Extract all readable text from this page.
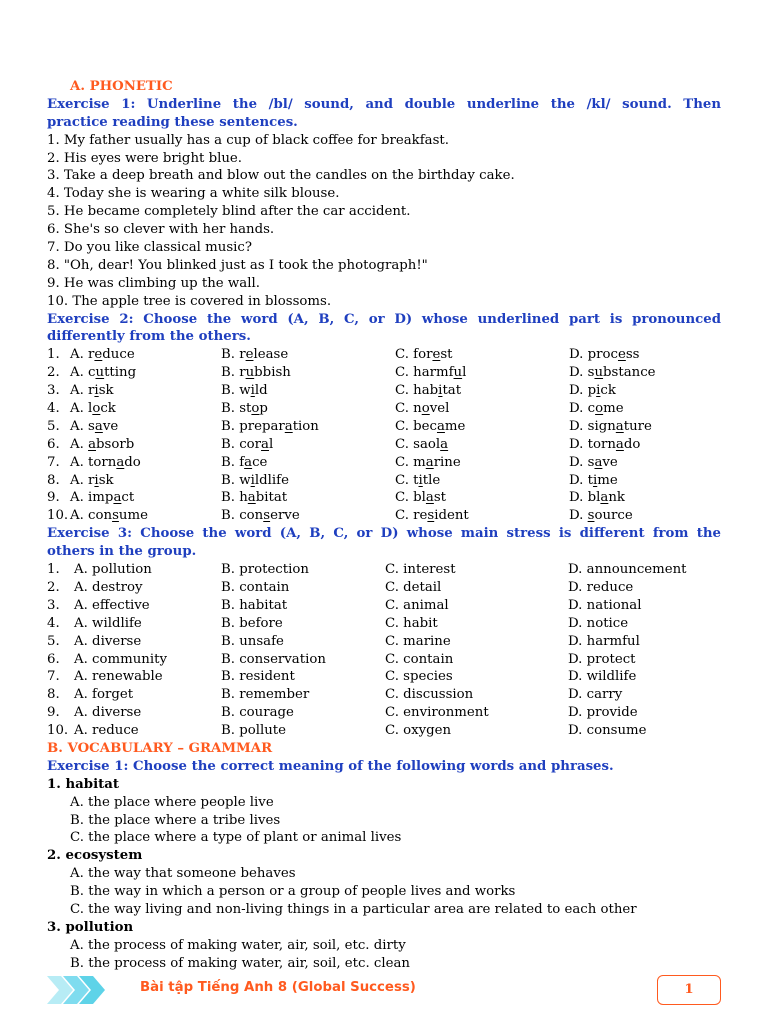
A. PHONETIC
Exercise 1: Underline the /bl/ sound, and double underline the /kl/ sound. Then
practice reading these sentences.
1. My father usually has a cup of black coffee for breakfast.
2. His eyes were bright blue.
3. Take a deep breath and blow out the candles on the birthday cake.
4. Today she is wearing a white silk blouse.
5. He became completely blind after the car accident.
6. She's so clever with her hands.
7. Do you like classical music?
8. "Oh, dear! You blinked just as I took the photograph!"
9. He was climbing up the wall.
10. The apple tree is covered in blossoms.
Exercise 2: Choose the word (A, B, C, or D) whose underlined part is pronounced
differently from the others.
1. A. reduce	B. release	C. forest	D. process
2. A. cutting	B. rubbish	C. harmful	D. substance
3. A. risk	B. wild	C. habitat	D. pick
4. A. lock	B. stop	C. novel	D. come
5. A. save	B. preparation	C. became	D. signature
6. A. absorb	B. coral	C. saola	D. tornado
7. A. tornado	B. face	C. marine	D. save
8. A. risk	B. wildlife	C. title	D. time
9. A. impact	B. habitat	C. blast	D. blank
10. A. consume	B. conserve	C. resident	D. source
Exercise 3: Choose the word (A, B, C, or D) whose main stress is different from the
others in the group.
1. A. pollution	B. protection	C. interest	D. announcement
2. A. destroy	B. contain	C. detail	D. reduce
3. A. effective	B. habitat	C. animal	D. national
4. A. wildlife	B. before	C. habit	D. notice
5. A. diverse	B. unsafe	C. marine	D. harmful
6. A. community	B. conservation	C. contain	D. protect
7. A. renewable	B. resident	C. species	D. wildlife
8. A. forget	B. remember	C. discussion	D. carry
9. A. diverse	B. courage	C. environment	D. provide
10. A. reduce	B. pollute	C. oxygen	D. consume
B. VOCABULARY – GRAMMAR
Exercise 1: Choose the correct meaning of the following words and phrases.
1. habitat
A. the place where people live
B. the place where a tribe lives
C. the place where a type of plant or animal lives
2. ecosystem
A. the way that someone behaves
B. the way in which a person or a group of people lives and works
C. the way living and non-living things in a particular area are related to each other
3. pollution
A. the process of making water, air, soil, etc. dirty
B. the process of making water, air, soil, etc. clean
Bài tập Tiếng Anh 8 (Global Success)	1
